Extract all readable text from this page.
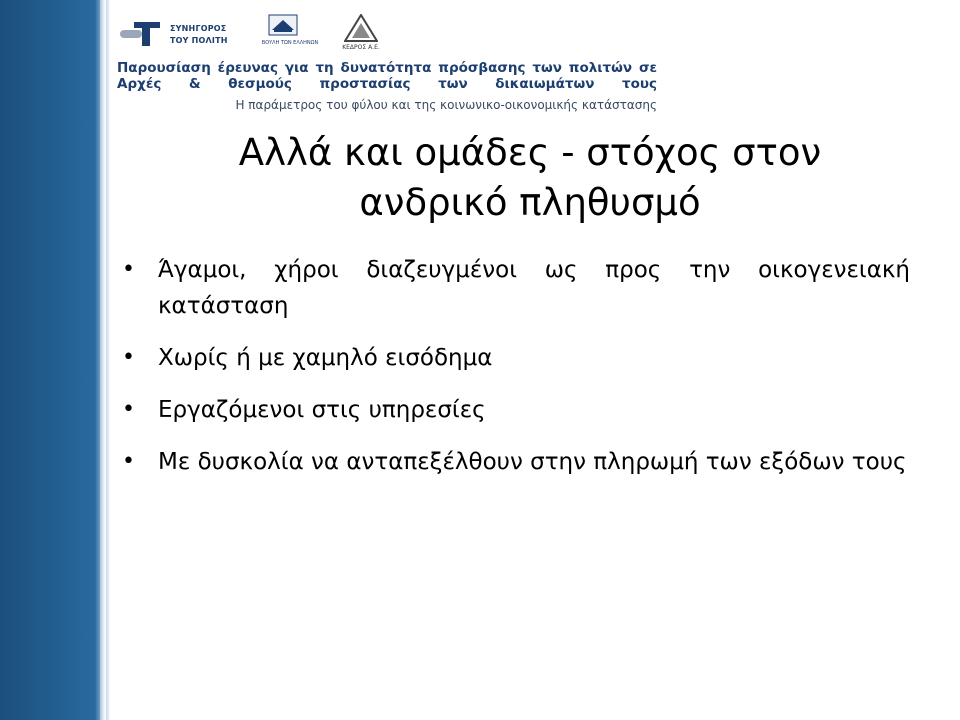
ΣΥΝΗΓΟΡΟΣ
ΤΟΥ ΠΟΛΙΤΗ	ΒΟΥΛΗ ΤΩΝ ΕΛΛΗΝΩΝ
ΚΕΔΡΟΣ Α.Ε.
Παρουσίαση έρευνας για τη δυνατότητα πρόσβασης των πολιτών σε Αρχές & θεσμούς προστασίας των δικαιωμάτων τους
Η παράμετρος του φύλου και της κοινωνικο-οικονομικής κατάστασης
Αλλά και ομάδες - στόχος στον
ανδρικό πληθυσμό
• Άγαμοι, χήροι διαζευγμένοι ως προς την οικογενειακή κατάσταση
• Χωρίς ή με χαμηλό εισόδημα
• Εργαζόμενοι στις υπηρεσίες
• Με δυσκολία να ανταπεξέλθουν στην πληρωμή των εξόδων τους
